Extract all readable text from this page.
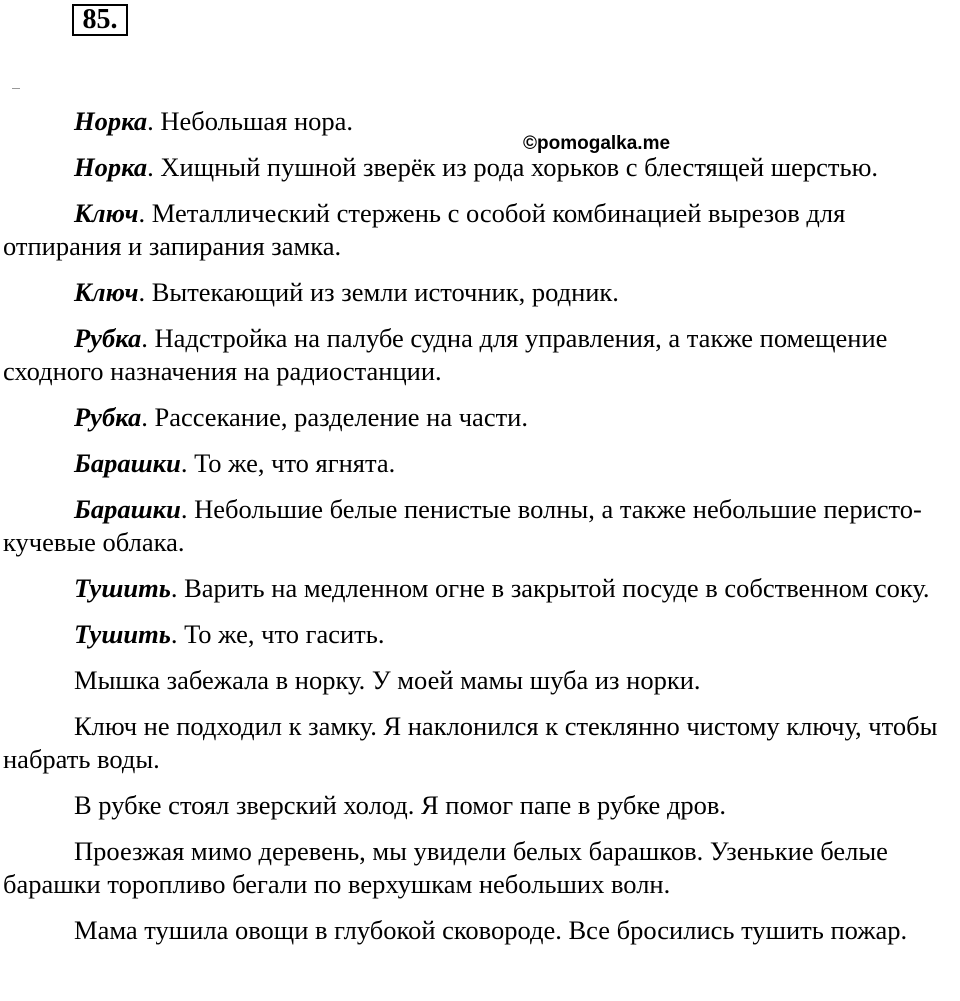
85.

Норка. Небольшая нора.

Норка. Хищный пушной зверёк из рода хорьков с блестящей шерстью.

Ключ. Металлический стержень с особой комбинацией вырезов для отпирания и запирания замка.

Ключ. Вытекающий из земли источник, родник.

Рубка. Надстройка на палубе судна для управления, а также помещение сходного назначения на радиостанции.

Рубка. Рассекание, разделение на части.

Барашки. То же, что ягнята.

Барашки. Небольшие белые пенистые волны, а также небольшие перисто-кучевые облака.

Тушить. Варить на медленном огне в закрытой посуде в собственном соку.

Тушить. То же, что гасить.

Мышка забежала в норку. У моей мамы шуба из норки.

Ключ не подходил к замку. Я наклонился к стеклянно чистому ключу, чтобы набрать воды.

В рубке стоял зверский холод. Я помог папе в рубке дров.

Проезжая мимо деревень, мы увидели белых барашков. Узенькие белые барашки торопливо бегали по верхушкам небольших волн.

Мама тушила овощи в глубокой сковороде. Все бросились тушить пожар.

©pomogalka.me
